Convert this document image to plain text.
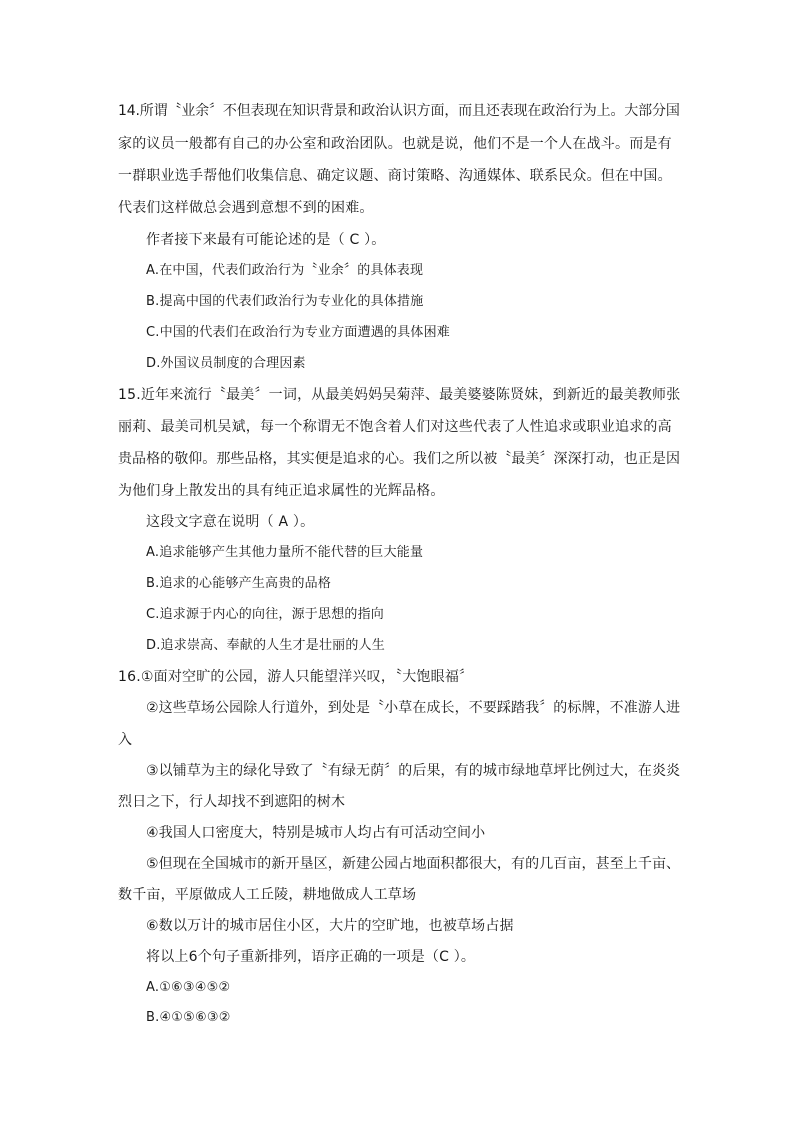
14.所谓〝业余〞不但表现在知识背景和政治认识方面，而且还表现在政治行为上。大部分国
家的议员一般都有自己的办公室和政治团队。也就是说，他们不是一个人在战斗。而是有
一群职业选手帮他们收集信息、确定议题、商讨策略、沟通媒体、联系民众。但在中国。
代表们这样做总会遇到意想不到的困难。
作者接下来最有可能论述的是（ C ）。
A.在中国，代表们政治行为〝业余〞的具体表现
B.提高中国的代表们政治行为专业化的具体措施
C.中国的代表们在政治行为专业方面遭遇的具体困难
D.外国议员制度的合理因素
15.近年来流行〝最美〞一词，从最美妈妈吴菊萍、最美婆婆陈贤妹，到新近的最美教师张
丽莉、最美司机吴斌，每一个称谓无不饱含着人们对这些代表了人性追求或职业追求的高
贵品格的敬仰。那些品格，其实便是追求的心。我们之所以被〝最美〞深深打动，也正是因
为他们身上散发出的具有纯正追求属性的光辉品格。
这段文字意在说明（ A ）。
A.追求能够产生其他力量所不能代替的巨大能量
B.追求的心能够产生高贵的品格
C.追求源于内心的向往，源于思想的指向
D.追求崇高、奉献的人生才是壮丽的人生
16.①面对空旷的公园，游人只能望洋兴叹，〝大饱眼福〞
②这些草场公园除人行道外，到处是〝小草在成长，不要踩踏我〞的标牌，不准游人进
入
③以铺草为主的绿化导致了〝有绿无荫〞的后果，有的城市绿地草坪比例过大，在炎炎
烈日之下，行人却找不到遮阳的树木
④我国人口密度大，特别是城市人均占有可活动空间小
⑤但现在全国城市的新开垦区，新建公园占地面积都很大，有的几百亩，甚至上千亩、
数千亩，平原做成人工丘陵，耕地做成人工草场
⑥数以万计的城市居住小区，大片的空旷地，也被草场占据
将以上6个句子重新排列，语序正确的一项是（C ）。
A.①⑥③④⑤②
B.④①⑤⑥③②
